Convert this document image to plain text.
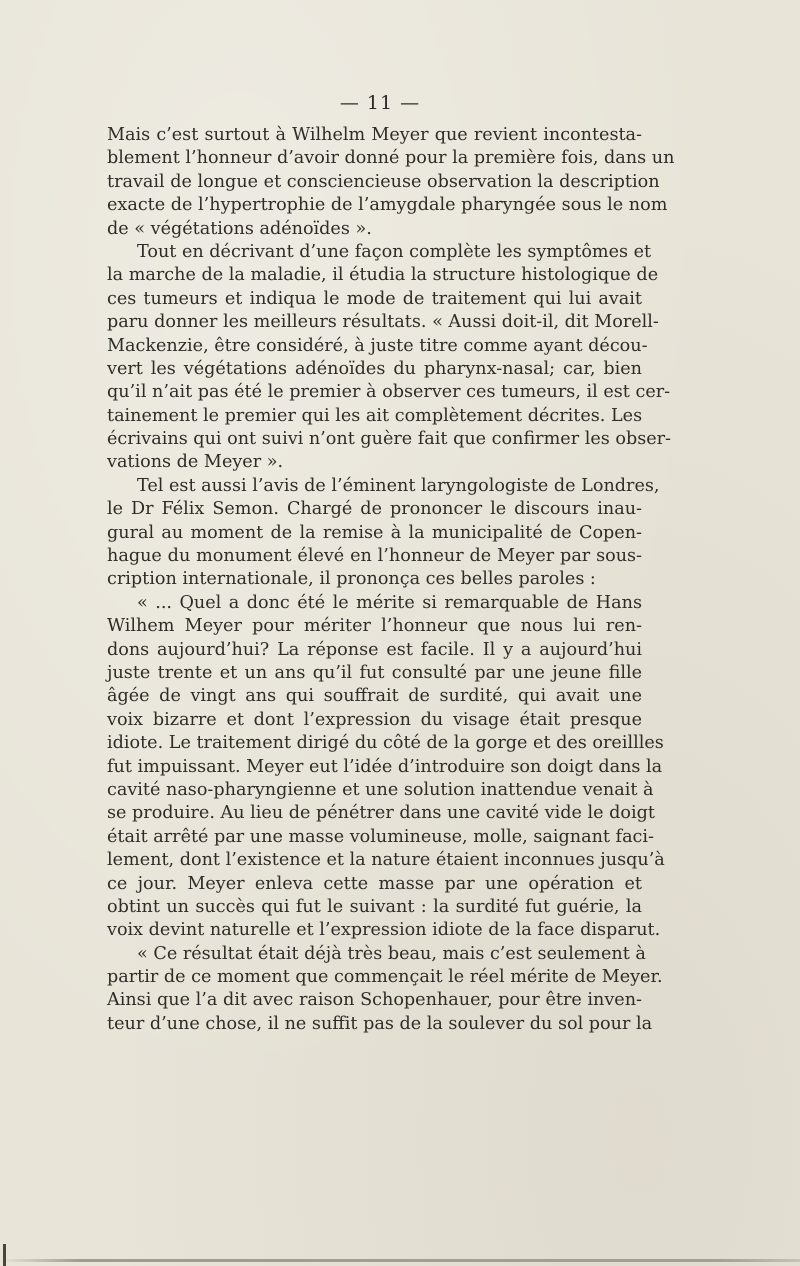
— 11 —
Mais c’est surtout à Wilhelm Meyer que revient incontesta-
blement l’honneur d’avoir donné pour la première fois, dans un
travail de longue et consciencieuse observation la description
exacte de l’hypertrophie de l’amygdale pharyngée sous le nom
de « végétations adénoïdes ».
Tout en décrivant d’une façon complète les symptômes et
la marche de la maladie, il étudia la structure histologique de
ces tumeurs et indiqua le mode de traitement qui lui avait
paru donner les meilleurs résultats. « Aussi doit-il, dit Morell-
Mackenzie, être considéré, à juste titre comme ayant décou-
vert les végétations adénoïdes du pharynx-nasal; car, bien
qu’il n’ait pas été le premier à observer ces tumeurs, il est cer-
tainement le premier qui les ait complètement décrites. Les
écrivains qui ont suivi n’ont guère fait que confirmer les obser-
vations de Meyer ».
Tel est aussi l’avis de l’éminent laryngologiste de Londres,
le Dr Félix Semon. Chargé de prononcer le discours inau-
gural au moment de la remise à la municipalité de Copen-
hague du monument élevé en l’honneur de Meyer par sous-
cription internationale, il prononça ces belles paroles :
« ... Quel a donc été le mérite si remarquable de Hans
Wilhem Meyer pour mériter l’honneur que nous lui ren-
dons aujourd’hui? La réponse est facile. Il y a aujourd’hui
juste trente et un ans qu’il fut consulté par une jeune fille
âgée de vingt ans qui souffrait de surdité, qui avait une
voix bizarre et dont l’expression du visage était presque
idiote. Le traitement dirigé du côté de la gorge et des oreillles
fut impuissant. Meyer eut l’idée d’introduire son doigt dans la
cavité naso-pharyngienne et une solution inattendue venait à
se produire. Au lieu de pénétrer dans une cavité vide le doigt
était arrêté par une masse volumineuse, molle, saignant faci-
lement, dont l’existence et la nature étaient inconnues jusqu’à
ce jour. Meyer enleva cette masse par une opération et
obtint un succès qui fut le suivant : la surdité fut guérie, la
voix devint naturelle et l’expression idiote de la face disparut.
« Ce résultat était déjà très beau, mais c’est seulement à
partir de ce moment que commençait le réel mérite de Meyer.
Ainsi que l’a dit avec raison Schopenhauer, pour être inven-
teur d’une chose, il ne suffit pas de la soulever du sol pour la
